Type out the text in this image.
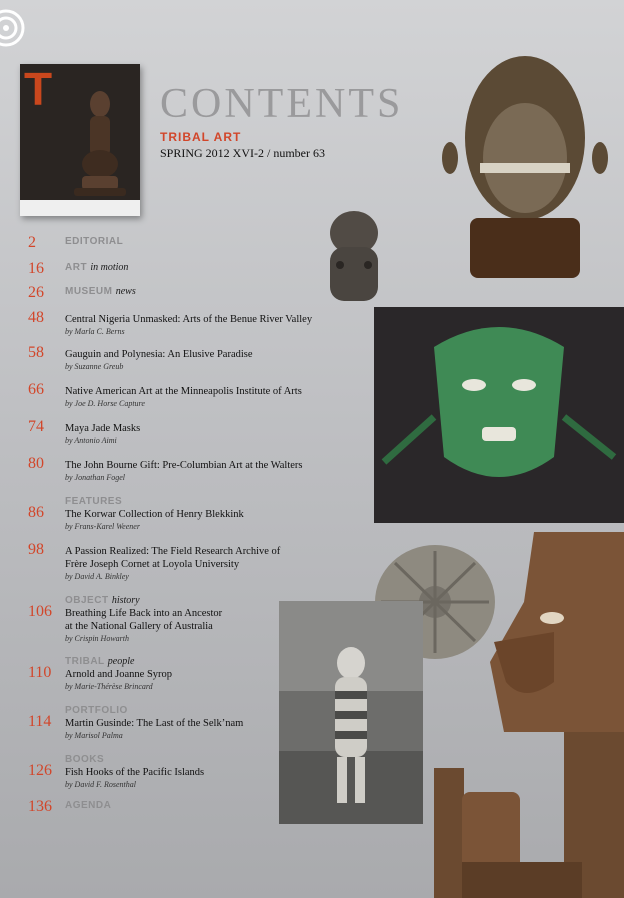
T	CONTENTS
TRIBAL ART
SPRING 2012 XVI-2 / number 63
2	EDITORIAL
16 ART in motion
26 MUSEUM news
48 Central Nigeria Unmasked: Arts of the Benue River Valley
by Marla C. Berns
58 Gauguin and Polynesia: An Elusive Paradise
by Suzanne Greub
66 Native American Art at the Minneapolis Institute of Arts
by Joe D. Horse Capture
74 Maya Jade Masks
by Antonio Aimi
80 The John Bourne Gift: Pre-Columbian Art at the Walters
by Jonathan Fogel
86
FEATURES
The Korwar Collection of Henry Blekkink
by Frans-Karel Weener
98 A Passion Realized: The Field Research Archive of
Frère Joseph Cornet at Loyola University
by David A. Binkley
106
OBJECT history
Breathing Life Back into an Ancestor
at the National Gallery of Australia
by Crispin Howarth
110
TRIBAL people
Arnold and Joanne Syrop
by Marie-Thérèse Brincard
114
PORTFOLIO
Martin Gusinde: The Last of the Selk’nam
by Marisol Palma
126
BOOKS
Fish Hooks of the Pacific Islands
by David F. Rosenthal
136 AGENDA
